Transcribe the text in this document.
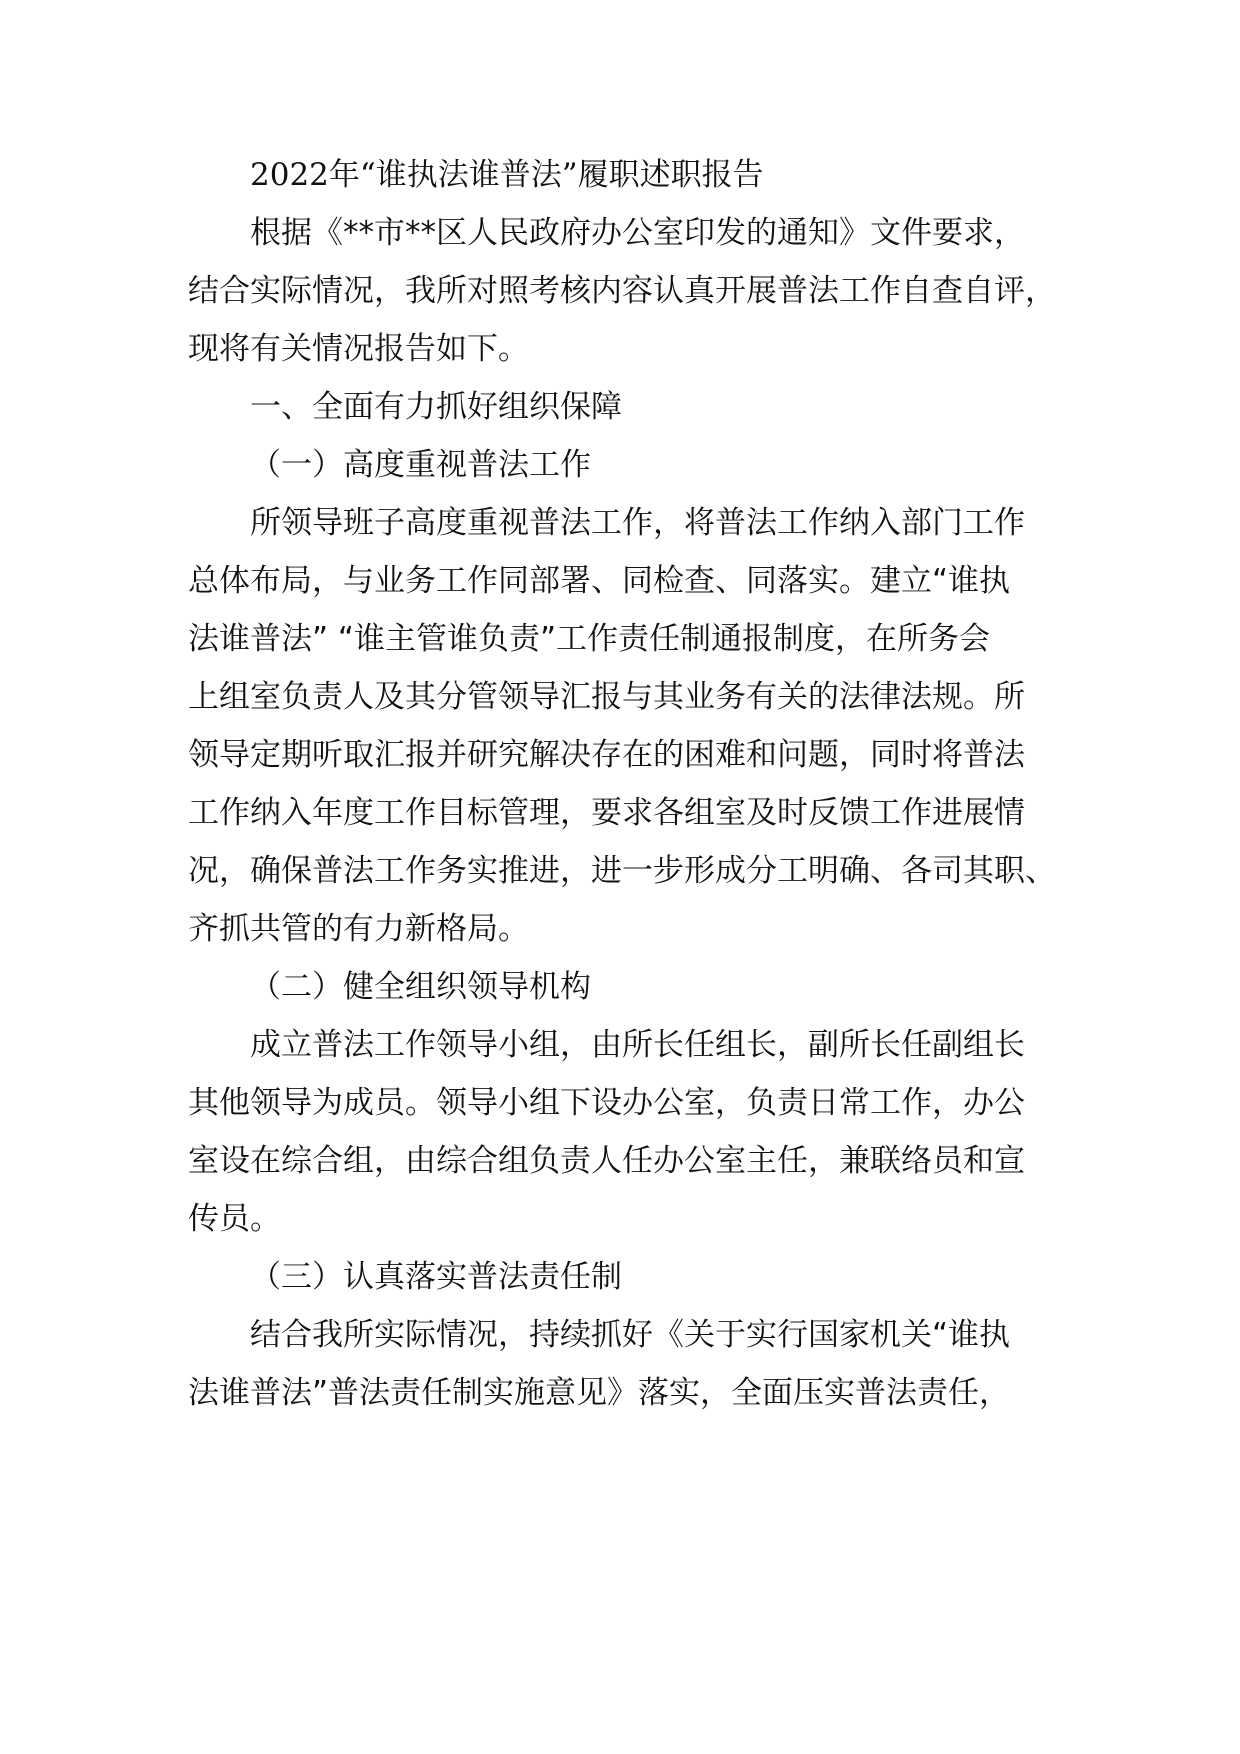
2022年“谁执法谁普法”履职述职报告
根据《**市**区人民政府办公室印发的通知》文件要求，
结合实际情况，我所对照考核内容认真开展普法工作自查自评，
现将有关情况报告如下。
一、全面有力抓好组织保障
（一）高度重视普法工作
所领导班子高度重视普法工作，将普法工作纳入部门工作
总体布局，与业务工作同部署、同检查、同落实。建立“谁执
法谁普法” “谁主管谁负责”工作责任制通报制度，在所务会
上组室负责人及其分管领导汇报与其业务有关的法律法规。所
领导定期听取汇报并研究解决存在的困难和问题，同时将普法
工作纳入年度工作目标管理，要求各组室及时反馈工作进展情
况，确保普法工作务实推进，进一步形成分工明确、各司其职、
齐抓共管的有力新格局。
（二）健全组织领导机构
成立普法工作领导小组，由所长任组长，副所长任副组长
其他领导为成员。领导小组下设办公室，负责日常工作，办公
室设在综合组，由综合组负责人任办公室主任，兼联络员和宣
传员。
（三）认真落实普法责任制
结合我所实际情况，持续抓好《关于实行国家机关“谁执
法谁普法”普法责任制实施意见》落实，全面压实普法责任，
